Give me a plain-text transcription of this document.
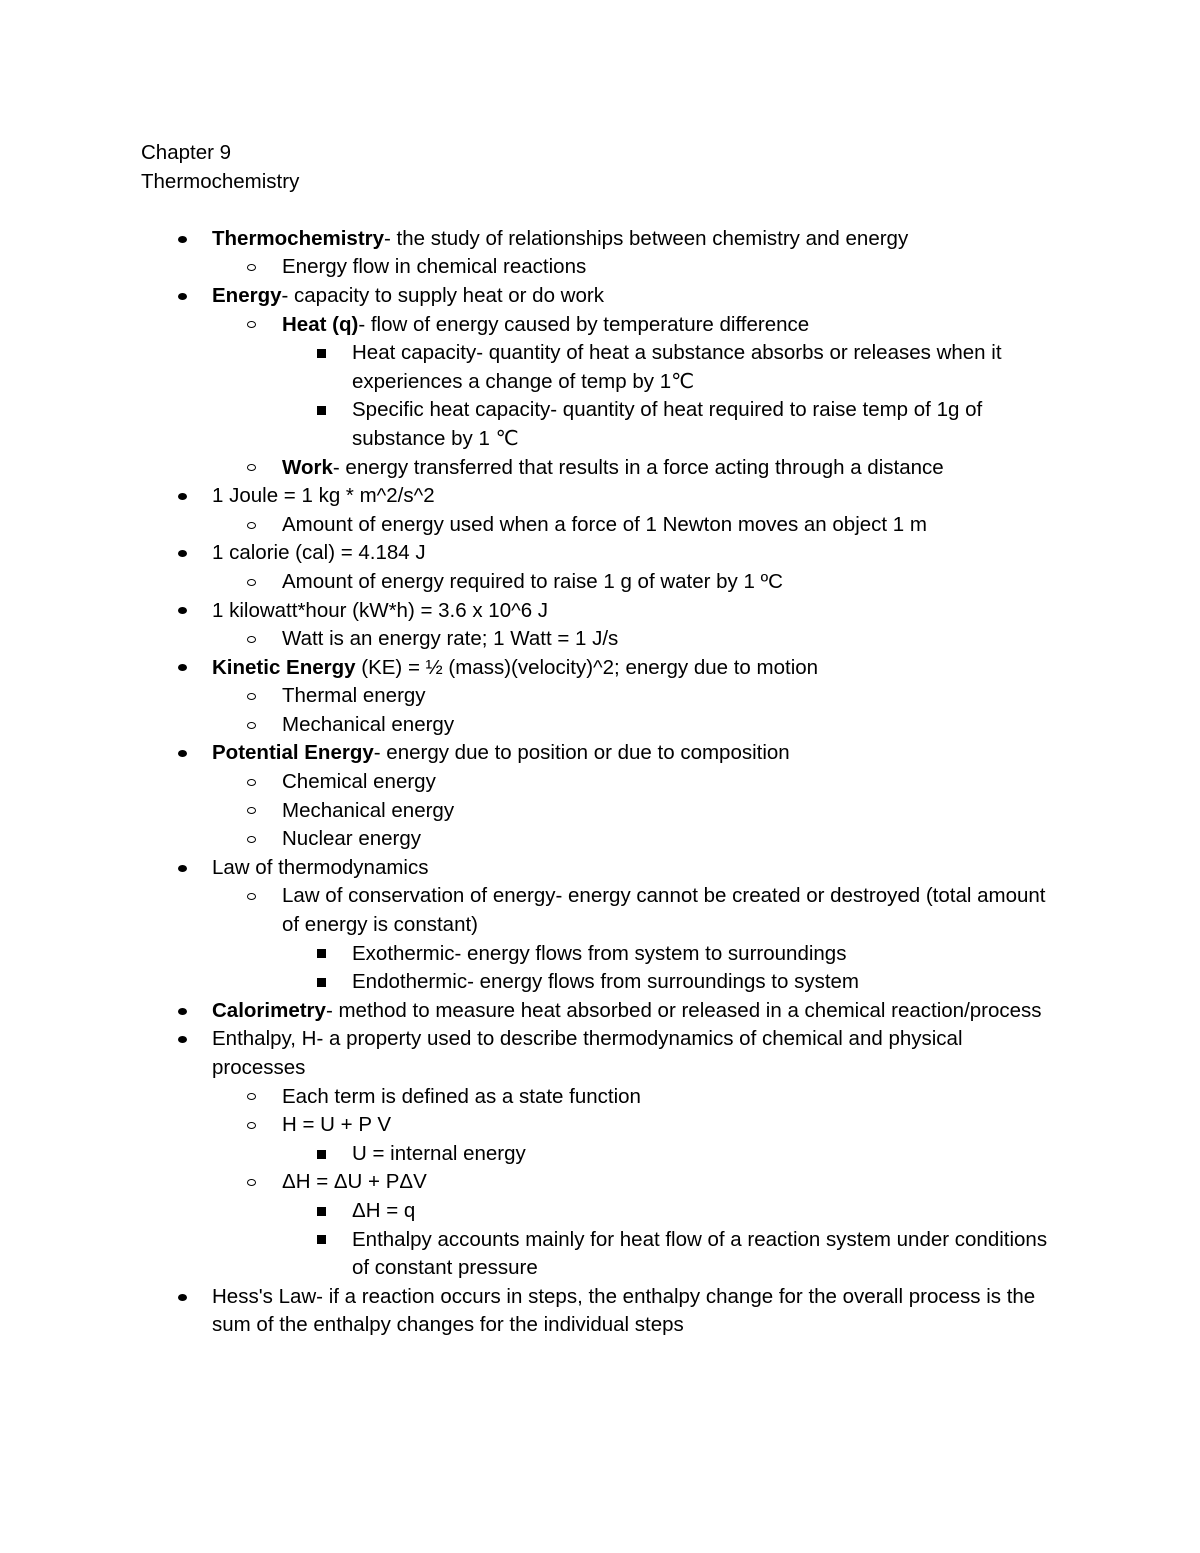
Chapter 9
Thermochemistry
Thermochemistry- the study of relationships between chemistry and energy
Energy flow in chemical reactions
Energy- capacity to supply heat or do work
Heat (q)- flow of energy caused by temperature difference
Heat capacity- quantity of heat a substance absorbs or releases when it experiences a change of temp by 1℃
Specific heat capacity- quantity of heat required to raise temp of 1g of substance by 1 ℃
Work- energy transferred that results in a force acting through a distance
1 Joule = 1 kg * m^2/s^2
Amount of energy used when a force of 1 Newton moves an object 1 m
1 calorie (cal) = 4.184 J
Amount of energy required to raise 1 g of water by 1 ºC
1 kilowatt*hour (kW*h) = 3.6 x 10^6 J
Watt is an energy rate; 1 Watt = 1 J/s
Kinetic Energy (KE) = ½ (mass)(velocity)^2; energy due to motion
Thermal energy
Mechanical energy
Potential Energy- energy due to position or due to composition
Chemical energy
Mechanical energy
Nuclear energy
Law of thermodynamics
Law of conservation of energy- energy cannot be created or destroyed (total amount of energy is constant)
Exothermic- energy flows from system to surroundings
Endothermic- energy flows from surroundings to system
Calorimetry- method to measure heat absorbed or released in a chemical reaction/process
Enthalpy, H- a property used to describe thermodynamics of chemical and physical processes
Each term is defined as a state function
H = U + P V
U = internal energy
ΔH = ΔU + PΔV
ΔH = q
Enthalpy accounts mainly for heat flow of a reaction system under conditions of constant pressure
Hess's Law- if a reaction occurs in steps, the enthalpy change for the overall process is the sum of the enthalpy changes for the individual steps
